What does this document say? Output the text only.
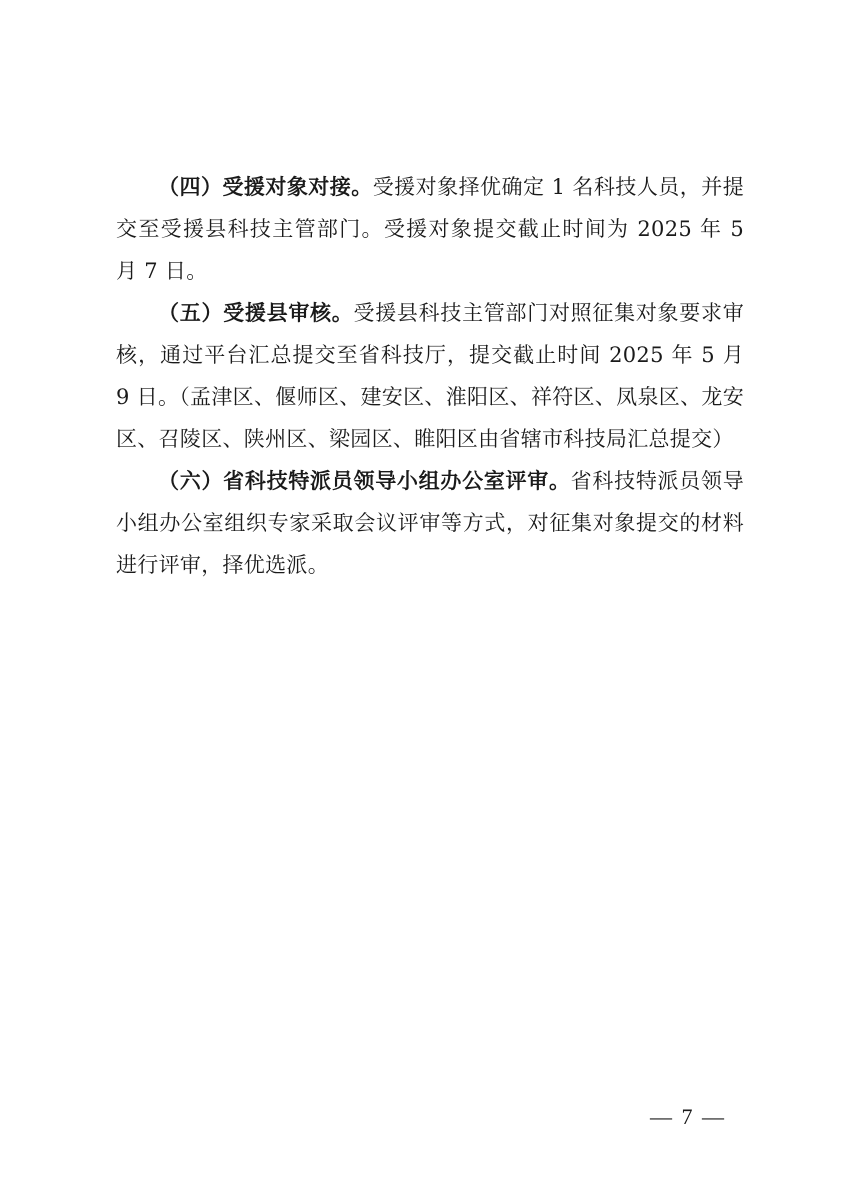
（四）受援对象对接。受援对象择优确定 1 名科技人员，并提交至受援县科技主管部门。受援对象提交截止时间为 2025 年 5 月 7 日。

（五）受援县审核。受援县科技主管部门对照征集对象要求审核，通过平台汇总提交至省科技厅，提交截止时间 2025 年 5 月 9 日。（孟津区、偃师区、建安区、淮阳区、祥符区、凤泉区、龙安区、召陵区、陕州区、梁园区、睢阳区由省辖市科技局汇总提交）

（六）省科技特派员领导小组办公室评审。省科技特派员领导小组办公室组织专家采取会议评审等方式，对征集对象提交的材料进行评审，择优选派。

— 7 —
